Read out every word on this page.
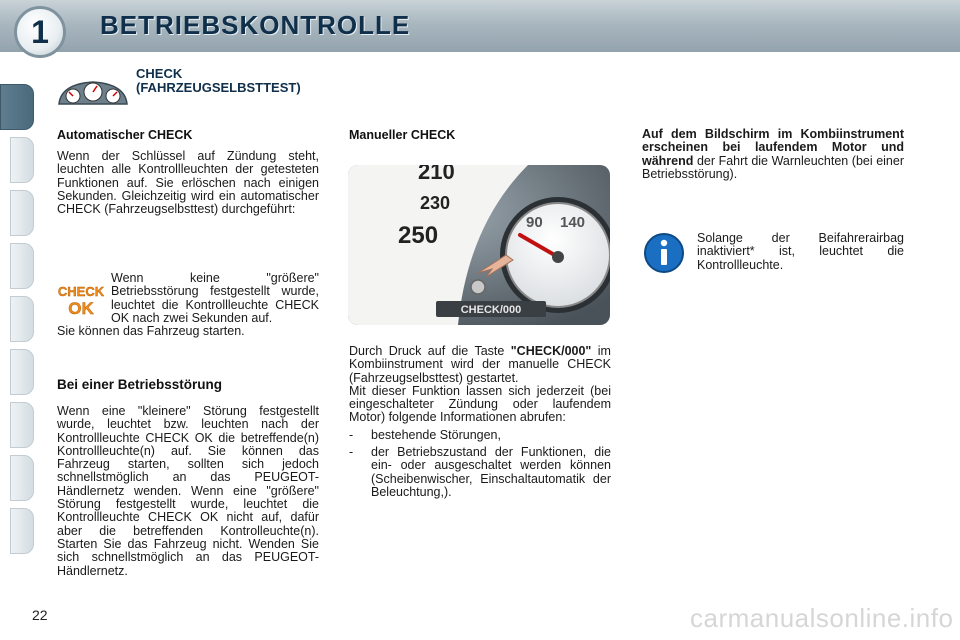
BETRIEBSKONTROLLE
1
CHECK
(FAHRZEUGSELBSTTEST)
Automatischer CHECK
Wenn der Schlüssel auf Zündung steht, leuchten alle Kontrollleuchten der getesteten Funktionen auf. Sie erlöschen nach einigen Sekunden. Gleichzeitig wird ein automatischer CHECK (Fahrzeugselbsttest) durchgeführt:
CHECK
OK
Wenn keine "größere" Betriebsstörung festgestellt wurde, leuchtet die Kontrollleuchte CHECK OK nach zwei Sekunden auf.
Sie können das Fahrzeug starten.
Bei einer Betriebsstörung
Wenn eine "kleinere" Störung festgestellt wurde, leuchtet bzw. leuchten nach der Kontrollleuchte CHECK OK die betreffende(n) Kontrollleuchte(n) auf. Sie können das Fahrzeug starten, sollten sich jedoch schnellstmöglich an das PEUGEOT-Händlernetz wenden. Wenn eine "größere" Störung festgestellt wurde, leuchtet die Kontrollleuchte CHECK OK nicht auf, dafür aber die betreffenden Kontrolleuchte(n). Starten Sie das Fahrzeug nicht. Wenden Sie sich schnellstmöglich an das PEUGEOT-Händlernetz.
Manueller CHECK
210
230
250	90 140
CHECK/000

Durch Druck auf die Taste "CHECK/000" im Kombiinstrument wird der manuelle CHECK (Fahrzeugselbsttest) gestartet.

Mit dieser Funktion lassen sich jederzeit (bei eingeschalteter Zündung oder laufendem Motor) folgende Informationen abrufen:

- bestehende Störungen,
- der Betriebszustand der Funktionen, die ein- oder ausgeschaltet werden können (Scheibenwischer, Einschaltautomatik der Beleuchtung,).

Auf dem Bildschirm im Kombiinstrument erscheinen bei laufendem Motor und während der Fahrt die Warnleuchten (bei einer Betriebsstörung).

Solange der Beifahrerairbag inaktiviert* ist, leuchtet die Kontrollleuchte.
22	carmanualsonline.info
